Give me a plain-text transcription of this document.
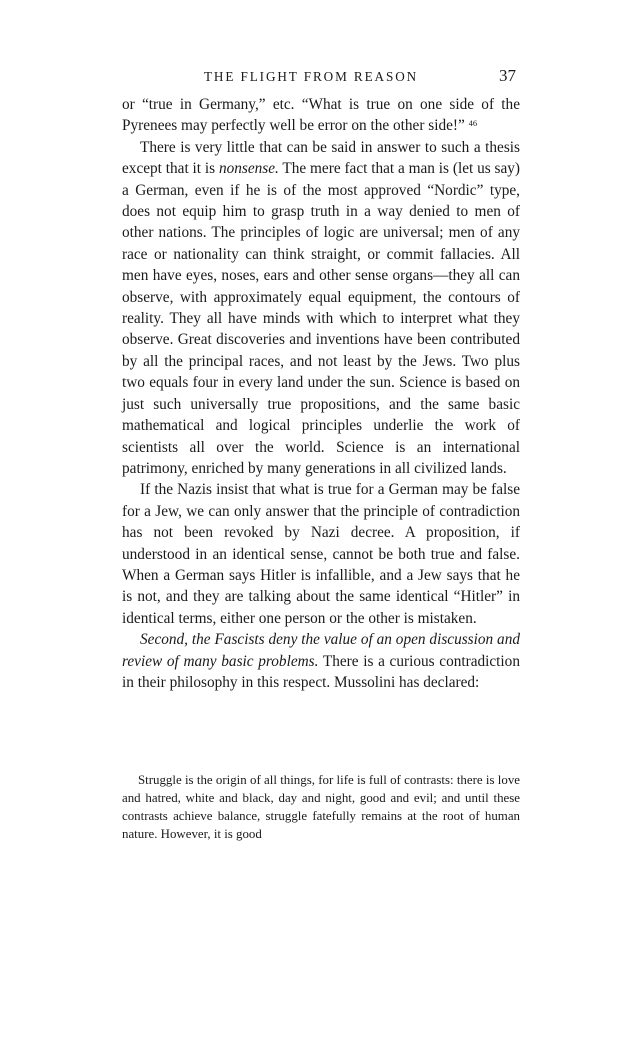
THE FLIGHT FROM REASON	37

or “true in Germany,” etc. “What is true on one side of the Pyrenees may perfectly well be error on the other side!” $^{46}$

There is very little that can be said in answer to such a thesis except that it is nonsense. The mere fact that a man is (let us say) a German, even if he is of the most approved “Nordic” type, does not equip him to grasp truth in a way denied to men of other nations. The principles of logic are universal; men of any race or nationality can think straight, or commit fallacies. All men have eyes, noses, ears and other sense organs—they all can observe, with approximately equal equipment, the contours of reality. They all have minds with which to interpret what they observe. Great discoveries and inventions have been contributed by all the principal races, and not least by the Jews. Two plus two equals four in every land under the sun. Science is based on just such universally true propositions, and the same basic mathematical and logical principles underlie the work of scientists all over the world. Science is an international patrimony, enriched by many generations in all civilized lands.

If the Nazis insist that what is true for a German may be false for a Jew, we can only answer that the principle of contradiction has not been revoked by Nazi decree. A proposition, if understood in an identical sense, cannot be both true and false. When a German says Hitler is infallible, and a Jew says that he is not, and they are talking about the same identical “Hitler” in identical terms, either one person or the other is mistaken.

Second, the Fascists deny the value of an open discussion and review of many basic problems. There is a curious contradiction in their philosophy in this respect. Mussolini has declared:

Struggle is the origin of all things, for life is full of contrasts: there is love and hatred, white and black, day and night, good and evil; and until these contrasts achieve balance, struggle fatefully remains at the root of human nature. However, it is good
